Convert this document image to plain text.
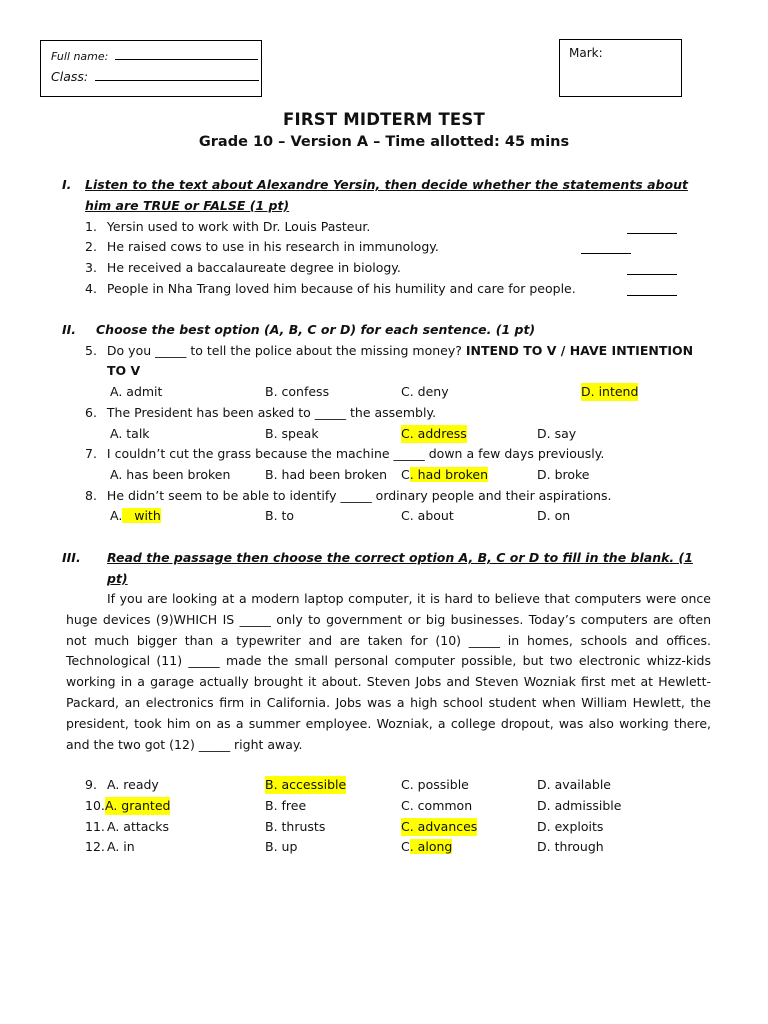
Full name:
Class:
Mark:
FIRST MIDTERM TEST
Grade 10 – Version A – Time allotted: 45 mins
I. Listen to the text about Alexandre Yersin, then decide whether the statements about
him are TRUE or FALSE (1 pt)
1. Yersin used to work with Dr. Louis Pasteur.
2. He raised cows to use in his research in immunology.
3. He received a baccalaureate degree in biology.
4. People in Nha Trang loved him because of his humility and care for people.
II. Choose the best option (A, B, C or D) for each sentence. (1 pt)
5. Do you _____ to tell the police about the missing money? INTEND TO V / HAVE INTIENTION
TO V
A. admit	B. confess	C. deny	D. intend
6. The President has been asked to _____ the assembly.
A. talk	B. speak	C. address	D. say
7. I couldn’t cut the grass because the machine _____ down a few days previously.
A. has been broken	B. had been broken C. had broken	D. broke
8. He didn’t seem to be able to identify _____ ordinary people and their aspirations.
A.   with	B. to	C. about	D. on
III. Read the passage then choose the correct option A, B, C or D to fill in the blank. (1
pt)
If you are looking at a modern laptop computer, it is hard to believe that computers were once
huge devices (9)WHICH IS _____ only to government or big businesses. Today’s computers are often
not much bigger than a typewriter and are taken for (10) _____ in homes, schools and offices.
Technological (11) _____ made the small personal computer possible, but two electronic whizz-kids
working in a garage actually brought it about. Steven Jobs and Steven Wozniak first met at Hewlett-
Packard, an electronics firm in California. Jobs was a high school student when William Hewlett, the
president, took him on as a summer employee. Wozniak, a college dropout, was also working there,
and the two got (12) _____ right away.
9. A. ready	B. accessible	C. possible	D. available
10. A. granted	B. free	C. common	D. admissible
11. A. attacks	B. thrusts	C. advances	D. exploits
12. A. in	B. up	C. along	D. through
